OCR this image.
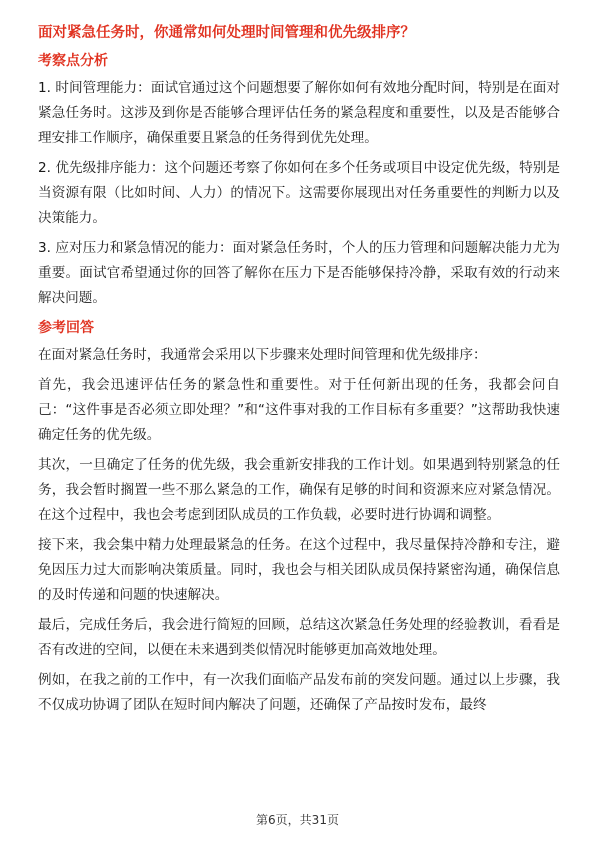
面对紧急任务时，你通常如何处理时间管理和优先级排序？
考察点分析

1. 时间管理能力：面试官通过这个问题想要了解你如何有效地分配时间，特别是在面对紧急任务时。这涉及到你是否能够合理评估任务的紧急程度和重要性，以及是否能够合理安排工作顺序，确保重要且紧急的任务得到优先处理。

2. 优先级排序能力：这个问题还考察了你如何在多个任务或项目中设定优先级，特别是当资源有限（比如时间、人力）的情况下。这需要你展现出对任务重要性的判断力以及决策能力。

3. 应对压力和紧急情况的能力：面对紧急任务时，个人的压力管理和问题解决能力尤为重要。面试官希望通过你的回答了解你在压力下是否能够保持冷静，采取有效的行动来解决问题。

参考回答

在面对紧急任务时，我通常会采用以下步骤来处理时间管理和优先级排序：

首先，我会迅速评估任务的紧急性和重要性。对于任何新出现的任务，我都会问自己：“这件事是否必须立即处理？”和“这件事对我的工作目标有多重要？”这帮助我快速确定任务的优先级。

其次，一旦确定了任务的优先级，我会重新安排我的工作计划。如果遇到特别紧急的任务，我会暂时搁置一些不那么紧急的工作，确保有足够的时间和资源来应对紧急情况。在这个过程中，我也会考虑到团队成员的工作负载，必要时进行协调和调整。

接下来，我会集中精力处理最紧急的任务。在这个过程中，我尽量保持冷静和专注，避免因压力过大而影响决策质量。同时，我也会与相关团队成员保持紧密沟通，确保信息的及时传递和问题的快速解决。

最后，完成任务后，我会进行简短的回顾，总结这次紧急任务处理的经验教训，看看是否有改进的空间，以便在未来遇到类似情况时能够更加高效地处理。

例如，在我之前的工作中，有一次我们面临产品发布前的突发问题。通过以上步骤，我不仅成功协调了团队在短时间内解决了问题，还确保了产品按时发布，最终

第6页，共31页
